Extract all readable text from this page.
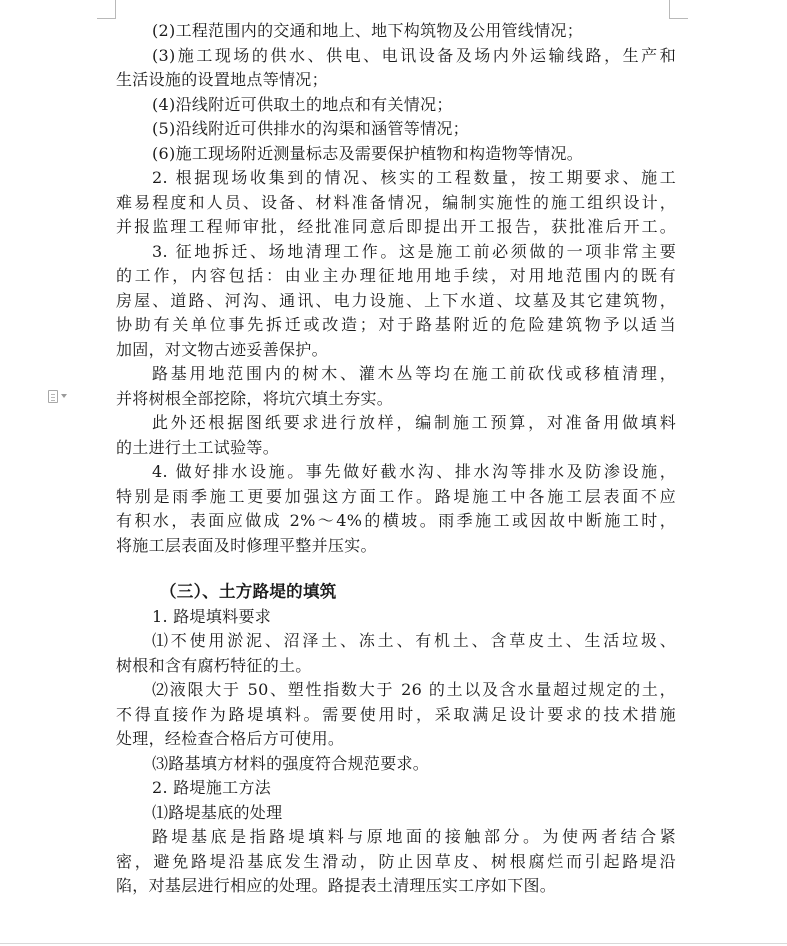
(2)工程范围内的交通和地上、地下构筑物及公用管线情况；
(3)施工现场的供水、供电、电讯设备及场内外运输线路，生产和
生活设施的设置地点等情况；
(4)沿线附近可供取土的地点和有关情况；
(5)沿线附近可供排水的沟渠和涵管等情况；
(6)施工现场附近测量标志及需要保护植物和构造物等情况。
2. 根据现场收集到的情况、核实的工程数量，按工期要求、施工
难易程度和人员、设备、材料准备情况，编制实施性的施工组织设计，
并报监理工程师审批，经批准同意后即提出开工报告，获批准后开工。
3. 征地拆迁、场地清理工作。这是施工前必须做的一项非常主要
的工作，内容包括：由业主办理征地用地手续，对用地范围内的既有
房屋、道路、河沟、通讯、电力设施、上下水道、坟墓及其它建筑物，
协助有关单位事先拆迁或改造；对于路基附近的危险建筑物予以适当
加固，对文物古迹妥善保护。
路基用地范围内的树木、灌木丛等均在施工前砍伐或移植清理，
并将树根全部挖除，将坑穴填土夯实。
此外还根据图纸要求进行放样，编制施工预算，对准备用做填料
的土进行土工试验等。
4. 做好排水设施。事先做好截水沟、排水沟等排水及防渗设施，
特别是雨季施工更要加强这方面工作。路堤施工中各施工层表面不应
有积水，表面应做成 2%～4%的横坡。雨季施工或因故中断施工时，
将施工层表面及时修理平整并压实。
（三）、土方路堤的填筑
1. 路堤填料要求
⑴不使用淤泥、沼泽土、冻土、有机土、含草皮土、生活垃圾、
树根和含有腐朽特征的土。
⑵液限大于 50、塑性指数大于 26 的土以及含水量超过规定的土，
不得直接作为路堤填料。需要使用时，采取满足设计要求的技术措施
处理，经检查合格后方可使用。
⑶路基填方材料的强度符合规范要求。
2. 路堤施工方法
⑴路堤基底的处理
路堤基底是指路堤填料与原地面的接触部分。为使两者结合紧
密，避免路堤沿基底发生滑动，防止因草皮、树根腐烂而引起路堤沿
陷，对基层进行相应的处理。路提表土清理压实工序如下图。
